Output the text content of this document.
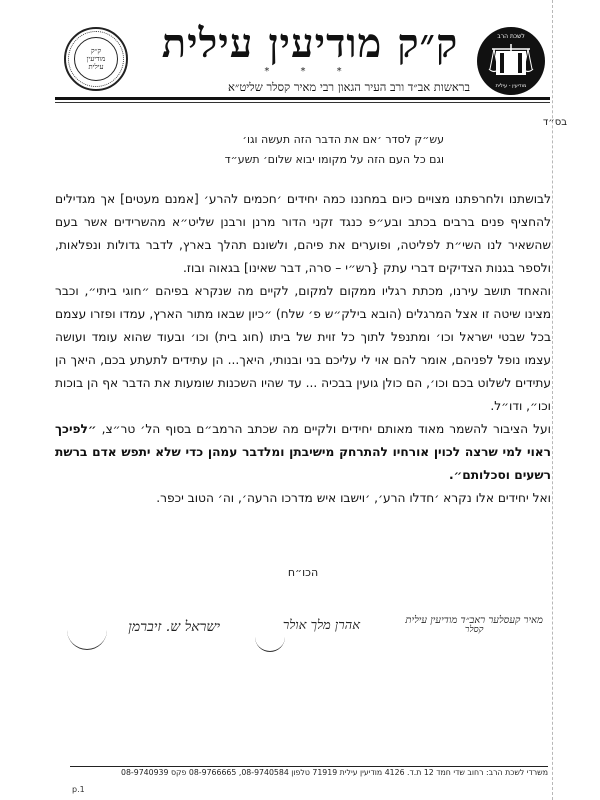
ק״ק
מודיעין
עילית ק״ק מודיעין עילית
* * *
בראשות אב״ד ורב העיר הגאון רבי מאיר קסלר שליט״א
לשכת הרב
מודיעין - עילית
בס״ד
עש״ק לסדר ׳אם את הדבר הזה תעשה וגו׳
וגם כל העם הזה על מקומו יבוא שלום׳ תשע״ד

לבושתנו ולחרפתנו מצויים כיום במחננו כמה יחידים ׳חכמים להרע׳ [אמנם מעטים] אך מגדילים להחציף פנים ברבים בכתב ובע״פ כנגד זקני הדור מרנן ורבנן שליט״א מהשרידים אשר בעם שהשאיר לנו השי״ת לפליטה, ופוערים את פיהם, ולשונם תהלך בארץ, לדבר גדולות ונפלאות, ולספר בגנות הצדיקים דברי עתק {רש״י – סרה, דבר שאינו] בגאוה ובוז.

והאחד תושב עירנו, מכתת רגליו ממקום למקום, לקיים מה שנקרא בפיהם ״חוגי ביתי״, וכבר מצינו שיטה זו אצל המרגלים (הובא בילק״ש פ׳ שלח) ״כיון שבאו מתור הארץ, עמדו ופזרו עצמם בכל שבטי ישראל וכו׳ ומתנפל לתוך כל זוית של ביתו (חוג בית) וכו׳ ובעוד שהוא עומד ועושה עצמו נופל לפניהם, אומר להם אוי לי עליכם בני ובנותי, היאך... הן עתידים לתעתע בכם, היאך הן עתידים לשלוט בכם וכו׳, הם כולן גועין בבכיה ... עד שהיו השכנות שומעות את הדבר אף הן בוכות וכו״, ודו״ל.

ועל הציבור להשמר מאוד מאותם יחידים ולקיים מה שכתב הרמב״ם בסוף הל׳ טר״צ, ״לפיכך ראוי למי שרצה לכוין אורחיו להתרחק מישיבתן ומלדבר עמהן כדי שלא יתפש אדם ברשת רשעים וסכלותם״.

ואל יחידים אלו נקרא ׳חדלו הרע׳, ׳וישבו איש מדרכו הרעה׳, וה׳ הטוב יכפר.

הכו״ח
מאיר קעסלער ראב״ד מודיעין עילית
קסלר
אהרן מלך אולר
ישראל ש. זיברמן
משרדי לשכת הרב: רחוב שדי חמד 12 ת.ד. 4126 מודיעין עילית 71919 טלפון 08-9740584, 08-9766665 פקס 08-9740939
p.1
